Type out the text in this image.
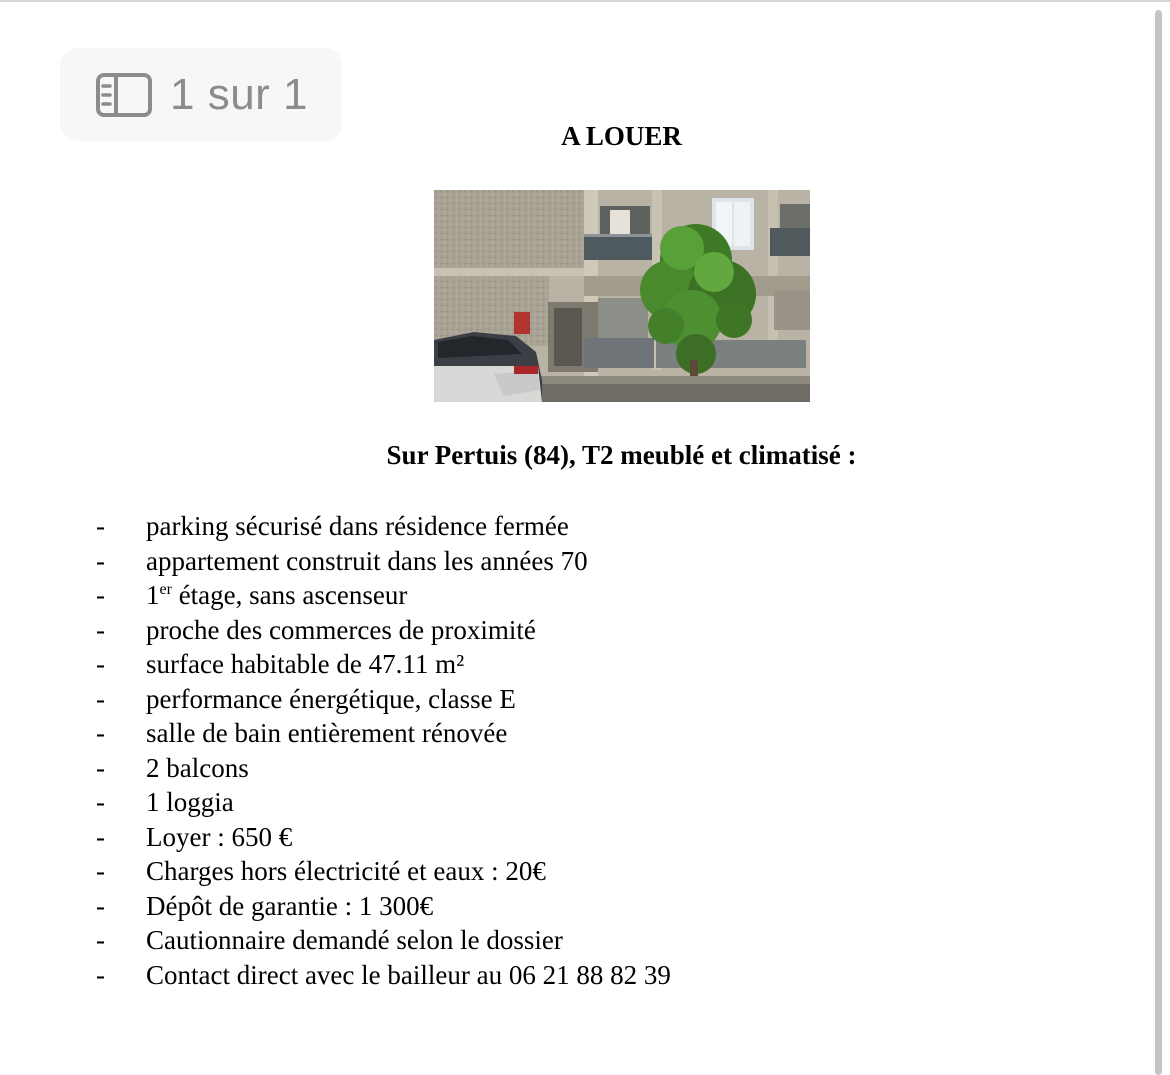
1 sur 1
A LOUER
Sur Pertuis (84), T2 meublé et climatisé :
-	parking sécurisé dans résidence fermée
-	appartement construit dans les années 70
-	1er étage, sans ascenseur
-	proche des commerces de proximité
-	surface habitable de 47.11 m²
-	performance énergétique, classe E
-	salle de bain entièrement rénovée
-	2 balcons
-	1 loggia
-	Loyer : 650 €
-	Charges hors électricité et eaux : 20€
-	Dépôt de garantie : 1 300€
-	Cautionnaire demandé selon le dossier
-	Contact direct avec le bailleur au 06 21 88 82 39
